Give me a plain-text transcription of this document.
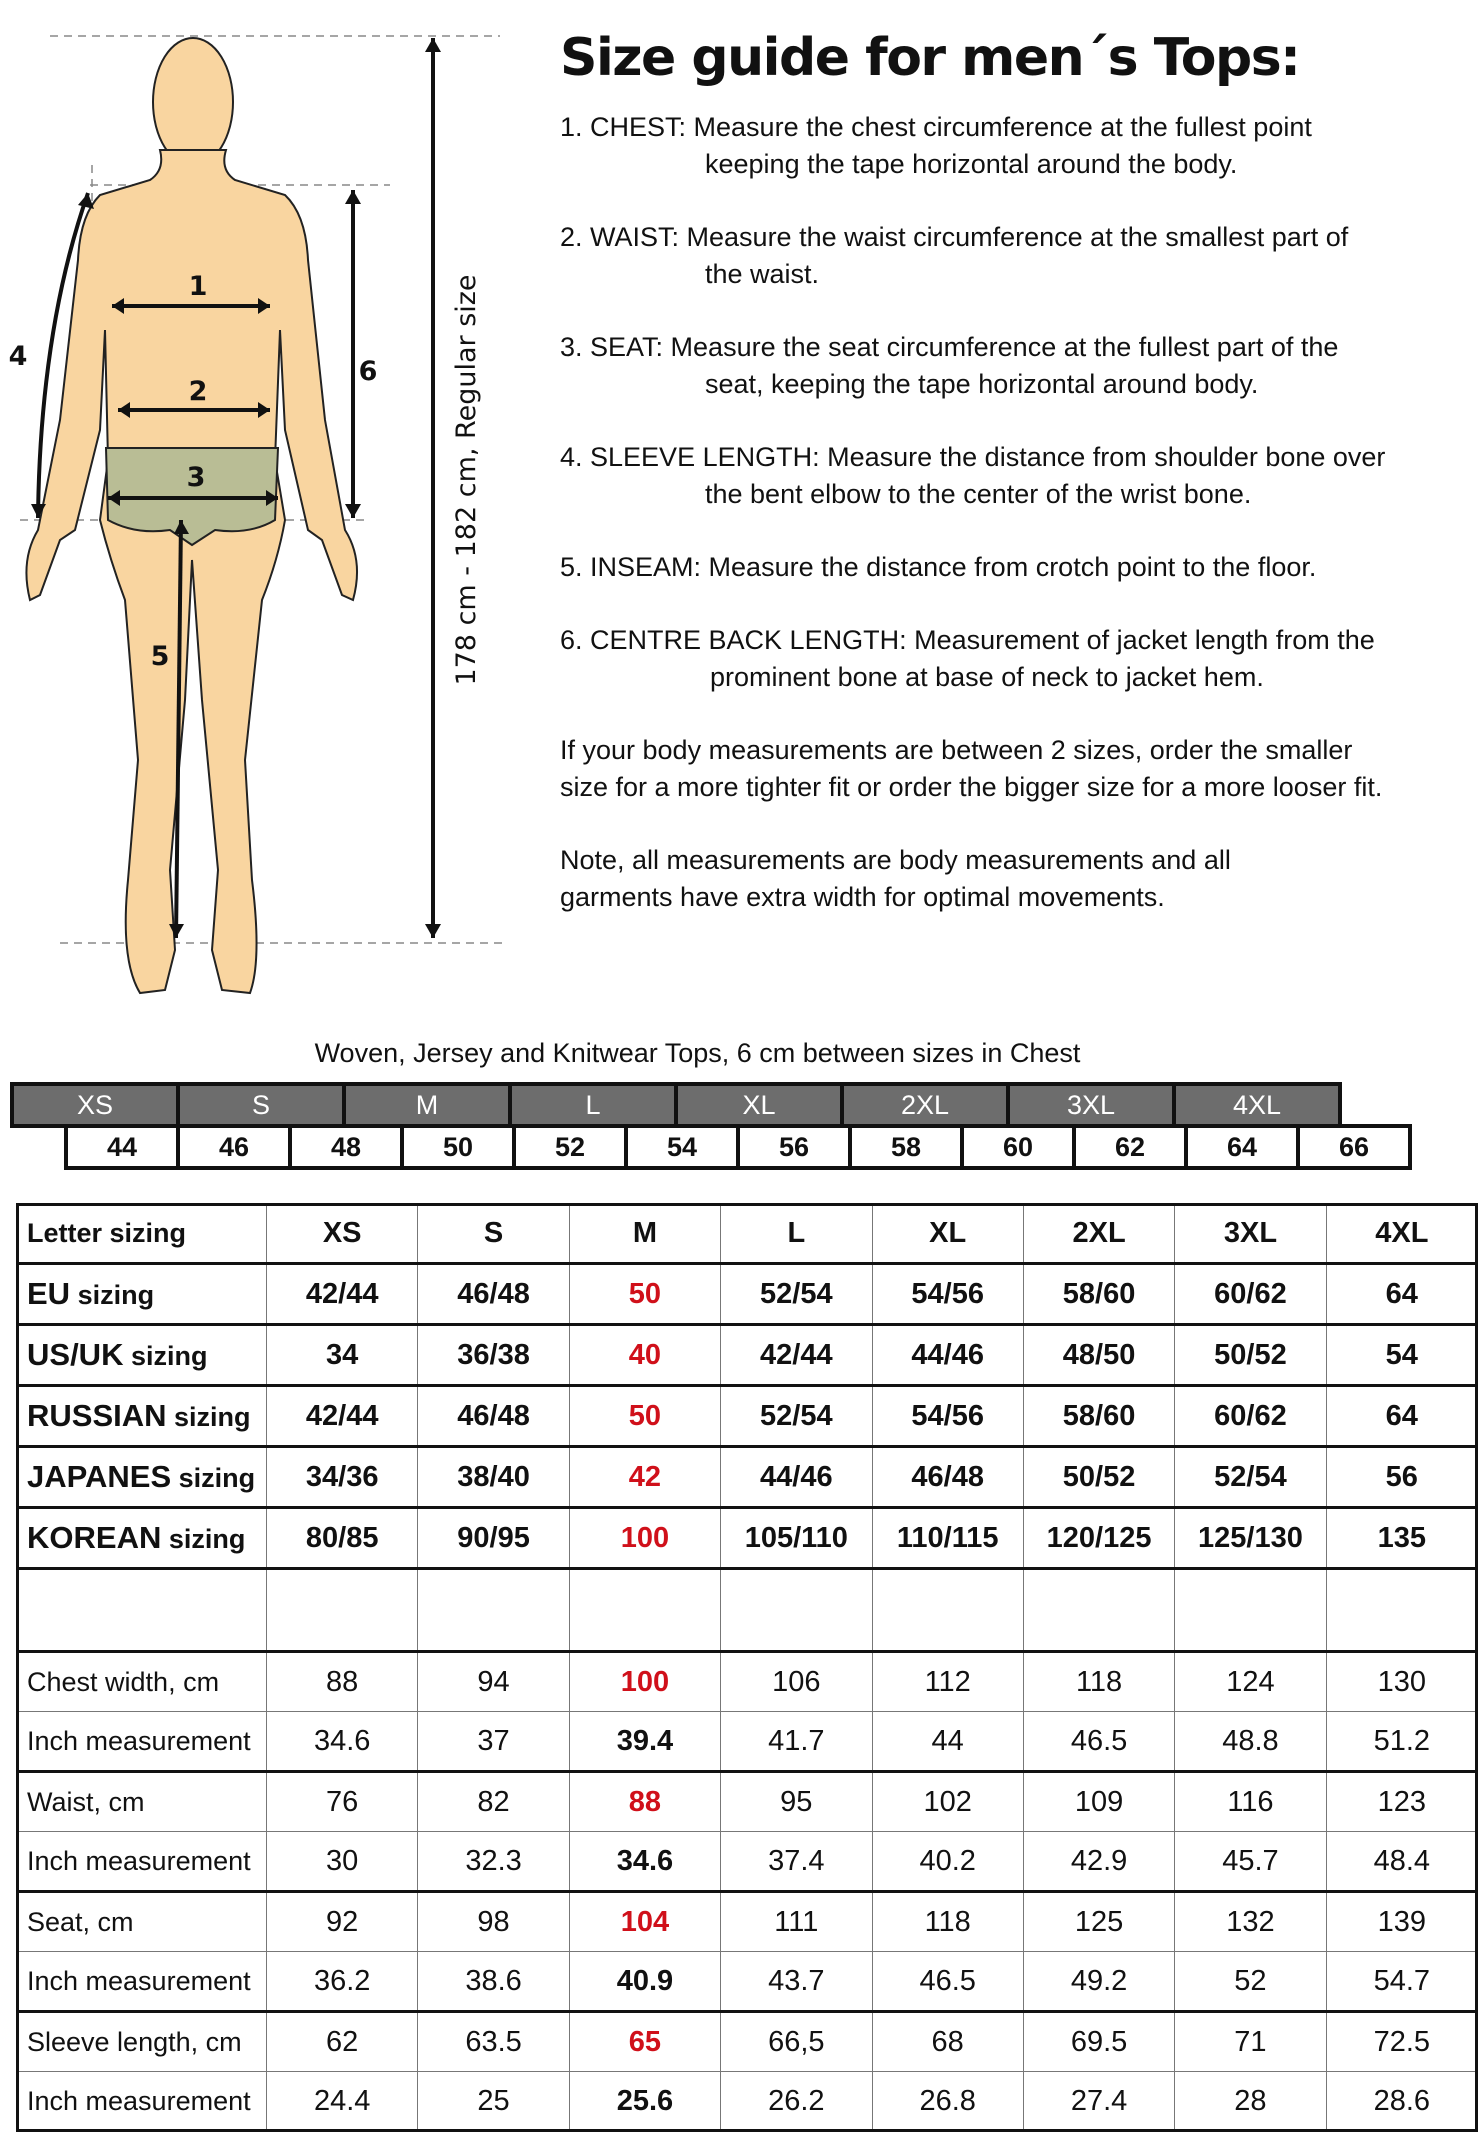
1
2
3
4
5
6	178 cm - 182 cm, Regular size
Size guide for men´s Tops:
1. CHEST: Measure the chest circumference at the fullest point
keeping the tape horizontal around the body.
2. WAIST: Measure the waist circumference at the smallest part of
the waist.
3. SEAT: Measure the seat circumference at the fullest part of the
seat, keeping the tape horizontal around body.
4. SLEEVE LENGTH: Measure the distance from shoulder bone over
the bent elbow to the center of the wrist bone.
5. INSEAM: Measure the distance from crotch point to the floor.
6. CENTRE BACK LENGTH: Measurement of jacket length from the
prominent bone at base of neck to jacket hem.
If your body measurements are between 2 sizes, order the smaller
size for a more tighter fit or order the bigger size for a more looser fit.
Note, all measurements are body measurements and all
garments have extra width for optimal movements.
Woven, Jersey and Knitwear Tops, 6 cm between sizes in Chest
XS	S	M	L	XL	2XL	3XL	4XL
44	46	48	50	52	54	56	58	60	62	64	66
Letter sizing	XS	S	M	L	XL	2XL	3XL	4XL
EU sizing	42/44	46/48	50	52/54	54/56	58/60	60/62	64
US/UK sizing	34	36/38	40	42/44	44/46	48/50	50/52	54
RUSSIAN sizing	42/44	46/48	50	52/54	54/56	58/60	60/62	64
JAPANES sizing	34/36	38/40	42	44/46	46/48	50/52	52/54	56
KOREAN sizing	80/85	90/95	100	105/110	110/115	120/125	125/130	135

Chest width, cm	88	94	100	106	112	118	124	130
Inch measurement	34.6	37	39.4	41.7	44	46.5	48.8	51.2
Waist, cm	76	82	88	95	102	109	116	123
Inch measurement	30	32.3	34.6	37.4	40.2	42.9	45.7	48.4
Seat, cm	92	98	104	111	118	125	132	139
Inch measurement	36.2	38.6	40.9	43.7	46.5	49.2	52	54.7
Sleeve length, cm	62	63.5	65	66,5	68	69.5	71	72.5
Inch measurement	24.4	25	25.6	26.2	26.8	27.4	28	28.6
